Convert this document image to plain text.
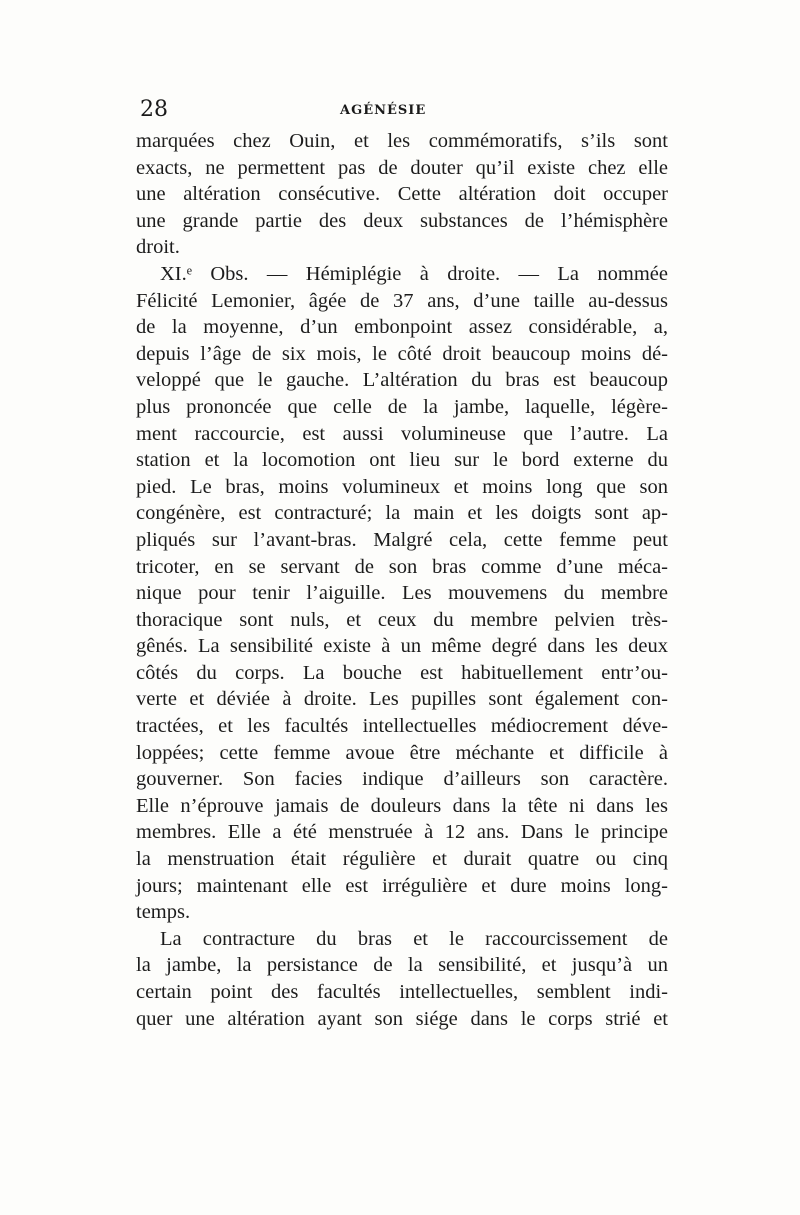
28	AGÉNÉSIE

marquées chez Ouin, et les commémoratifs, s’ils sont

exacts, ne permettent pas de douter qu’il existe chez elle

une altération consécutive. Cette altération doit occuper

une grande partie des deux substances de l’hémisphère

droit.

XI.ᵉ Obs. — Hémiplégie à droite. — La nommée

Félicité Lemonier, âgée de 37 ans, d’une taille au-dessus

de la moyenne, d’un embonpoint assez considérable, a,

depuis l’âge de six mois, le côté droit beaucoup moins dé-

veloppé que le gauche. L’altération du bras est beaucoup

plus prononcée que celle de la jambe, laquelle, légère-

ment raccourcie, est aussi volumineuse que l’autre. La

station et la locomotion ont lieu sur le bord externe du

pied. Le bras, moins volumineux et moins long que son

congénère, est contracturé; la main et les doigts sont ap-

pliqués sur l’avant-bras. Malgré cela, cette femme peut

tricoter, en se servant de son bras comme d’une méca-

nique pour tenir l’aiguille. Les mouvemens du membre

thoracique sont nuls, et ceux du membre pelvien très-

gênés. La sensibilité existe à un même degré dans les deux

côtés du corps. La bouche est habituellement entr’ou-

verte et déviée à droite. Les pupilles sont également con-

tractées, et les facultés intellectuelles médiocrement déve-

loppées; cette femme avoue être méchante et difficile à

gouverner. Son facies indique d’ailleurs son caractère.

Elle n’éprouve jamais de douleurs dans la tête ni dans les

membres. Elle a été menstruée à 12 ans. Dans le principe

la menstruation était régulière et durait quatre ou cinq

jours; maintenant elle est irrégulière et dure moins long-

temps.

La contracture du bras et le raccourcissement de

la jambe, la persistance de la sensibilité, et jusqu’à un

certain point des facultés intellectuelles, semblent indi-

quer une altération ayant son siége dans le corps strié et
